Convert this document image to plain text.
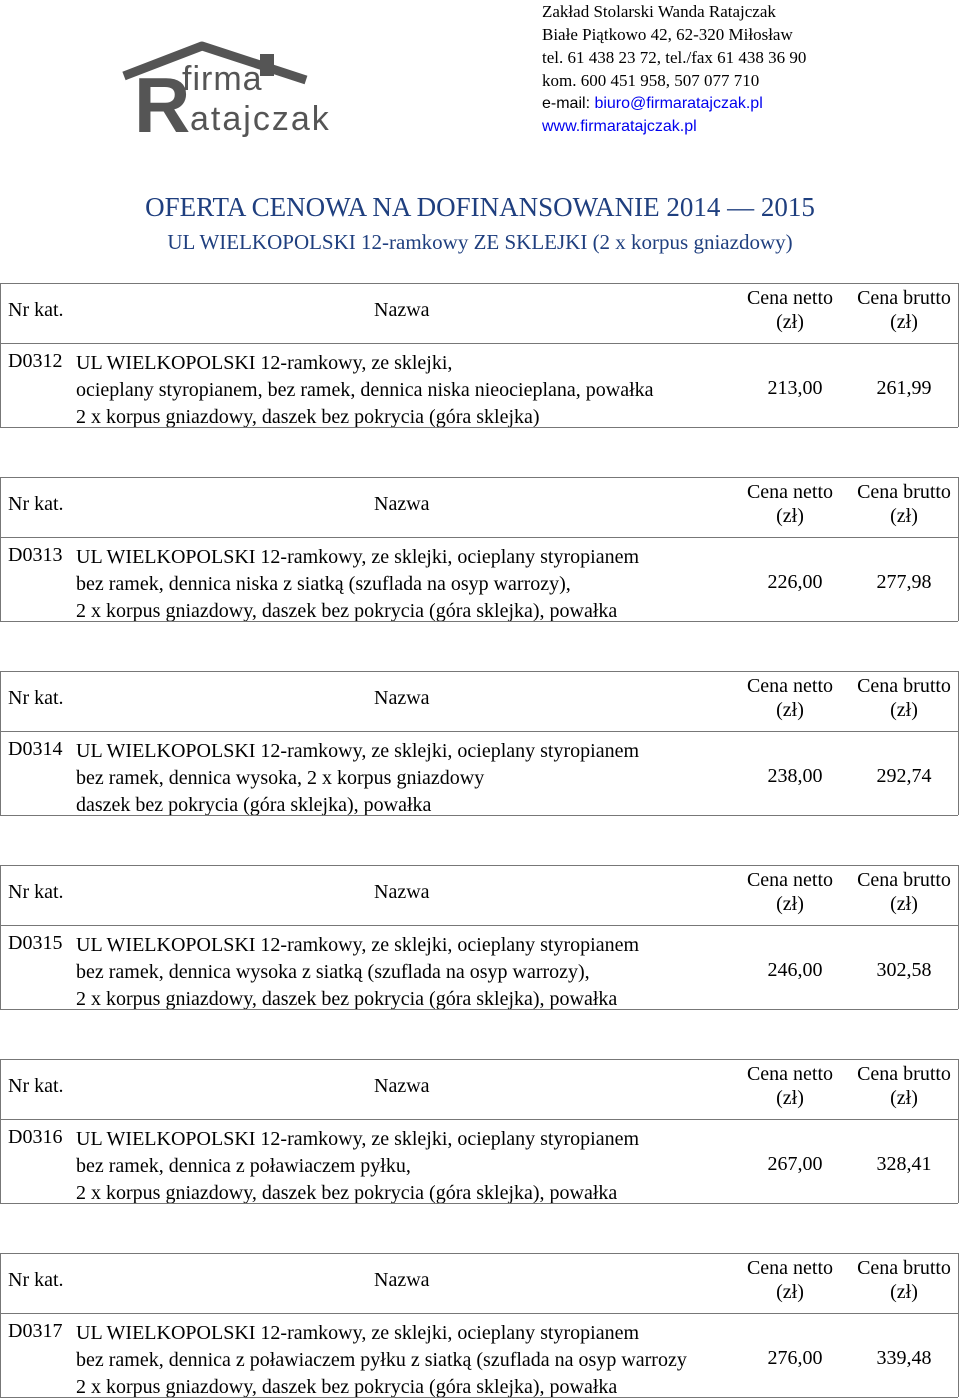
R
firma
atajczak
Zakład Stolarski Wanda Ratajczak
Białe Piątkowo 42, 62-320 Miłosław
tel. 61 438 23 72, tel./fax 61 438 36 90
kom. 600 451 958, 507 077 710
e-mail: biuro@firmaratajczak.pl
www.firmaratajczak.pl
OFERTA CENOWA NA DOFINANSOWANIE 2014 — 2015
UL WIELKOPOLSKI 12-ramkowy ZE SKLEJKI (2 x korpus gniazdowy)
Nr kat.	Nazwa
Cena netto (zł)
Cena brutto (zł)
D0312 UL WIELKOPOLSKI 12-ramkowy, ze sklejki,
ocieplany styropianem, bez ramek, dennica niska nieocieplana, powałka
2 x korpus gniazdowy, daszek bez pokrycia (góra sklejka)
213,00	261,99
Nr kat.	Nazwa
Cena netto (zł)
Cena brutto (zł)
D0313 UL WIELKOPOLSKI 12-ramkowy, ze sklejki, ocieplany styropianem
bez ramek, dennica niska z siatką (szuflada na osyp warrozy),
2 x korpus gniazdowy, daszek bez pokrycia (góra sklejka), powałka
226,00	277,98
Nr kat.	Nazwa
Cena netto (zł)
Cena brutto (zł)
D0314 UL WIELKOPOLSKI 12-ramkowy, ze sklejki, ocieplany styropianem
bez ramek, dennica wysoka, 2 x korpus gniazdowy
daszek bez pokrycia (góra sklejka), powałka
238,00	292,74
Nr kat.	Nazwa
Cena netto (zł)
Cena brutto (zł)
D0315 UL WIELKOPOLSKI 12-ramkowy, ze sklejki, ocieplany styropianem
bez ramek, dennica wysoka z siatką (szuflada na osyp warrozy),
2 x korpus gniazdowy, daszek bez pokrycia (góra sklejka), powałka
246,00	302,58
Nr kat.	Nazwa
Cena netto (zł)
Cena brutto (zł)
D0316 UL WIELKOPOLSKI 12-ramkowy, ze sklejki, ocieplany styropianem
bez ramek, dennica z poławiaczem pyłku,
2 x korpus gniazdowy, daszek bez pokrycia (góra sklejka), powałka
267,00	328,41
Nr kat.	Nazwa
Cena netto (zł)
Cena brutto (zł)
D0317 UL WIELKOPOLSKI 12-ramkowy, ze sklejki, ocieplany styropianem
bez ramek, dennica z poławiaczem pyłku z siatką (szuflada na osyp warrozy
2 x korpus gniazdowy, daszek bez pokrycia (góra sklejka), powałka
276,00	339,48
